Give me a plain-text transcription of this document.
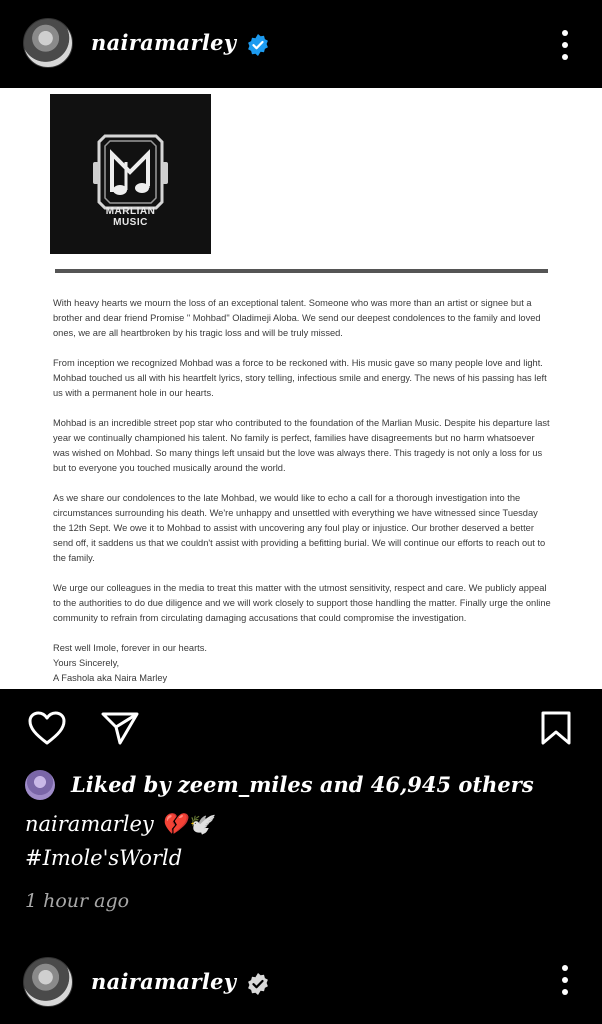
nairamarley
MARLIAN
MUSIC

With heavy hearts we mourn the loss of an exceptional talent. Someone who was more than an artist or signee but a brother and dear friend Promise " Mohbad" Oladimeji Aloba. We send our deepest condolences to the family and loved ones, we are all heartbroken by his tragic loss and will be truly missed.

From inception we recognized Mohbad was a force to be reckoned with. His music gave so many people love and light. Mohbad touched us all with his heartfelt lyrics, story telling, infectious smile and energy. The news of his passing has left us with a permanent hole in our hearts.

Mohbad is an incredible street pop star who contributed to the foundation of the Marlian Music. Despite his departure last year we continually championed his talent. No family is perfect, families have disagreements but no harm whatsoever was wished on Mohbad. So many things left unsaid but the love was always there. This tragedy is not only a loss for us but to everyone you touched musically around the world.

As we share our condolences to the late Mohbad, we would like to echo a call for a thorough investigation into the circumstances surrounding his death. We're unhappy and unsettled with everything we have witnessed since Tuesday the 12th Sept. We owe it to Mohbad to assist with uncovering any foul play or injustice. Our brother deserved a better send off, it saddens us that we couldn't assist with providing a befitting burial. We will continue our efforts to reach out to the family.

We urge our colleagues in the media to treat this matter with the utmost sensitivity, respect and care. We publicly appeal to the authorities to do due diligence and we will work closely to support those handling the matter. Finally urge the online community to refrain from circulating damaging accusations that could compromise the investigation.

Rest well Imole, forever in our hearts.

Yours Sincerely,

A Fashola aka Naira Marley

Liked by zeem_miles and 46,945 others
nairamarley 💔🕊️
#Imole'sWorld
1 hour ago
nairamarley
